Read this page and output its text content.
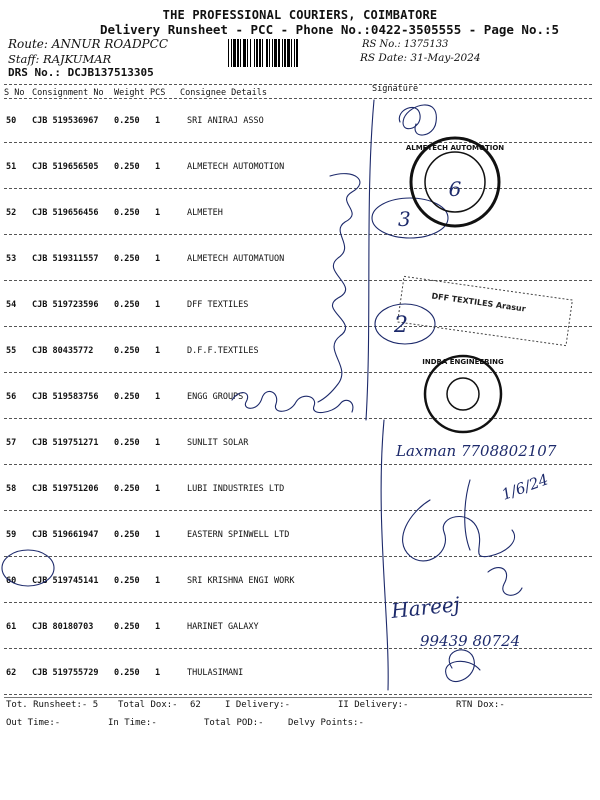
THE PROFESSIONAL COURIERS, COIMBATORE
Delivery Runsheet - PCC - Phone No.:0422-3505555 - Page No.:5
Route: ANNUR ROADPCC
Staff: RAJKUMAR
DRS No.: DCJB137513305
RS No.: 1375133
RS Date: 31-May-2024
S No Consignment No Weight PCS Consignee Details	Signature
50 CJB 519536967 0.250 1	SRI ANIRAJ ASSO
51 CJB 519656505 0.250 1	ALMETECH AUTOMOTION
52 CJB 519656456 0.250 1	ALMETEH
53 CJB 519311557 0.250 1	ALMETECH AUTOMATUON
54 CJB 519723596 0.250 1	DFF TEXTILES
55 CJB 80435772 0.250 1	D.F.F.TEXTILES
56 CJB 519583756 0.250 1	ENGG GROUPS
57 CJB 519751271 0.250 1	SUNLIT SOLAR
58 CJB 519751206 0.250 1	LUBI INDUSTRIES LTD
59 CJB 519661947 0.250 1	EASTERN SPINWELL LTD
60 CJB 519745141 0.250 1	SRI KRISHNA ENGI WORK
61 CJB 80180703 0.250 1	HARINET GALAXY
62 CJB 519755729 0.250 1	THULASIMANI
ALMETECH AUTOMOTION
6
DFF TEXTILES Arasur
INDRA ENGINEERING
3
2
Laxman 7708802107
1/6/24
Hareej
99439 80724
Tot. Runsheet:- 5 Total Dox:- 62	I Delivery:-	II Delivery:-	RTN Dox:-
Out Time:-	In Time:-	Total POD:-	Delvy Points:-
